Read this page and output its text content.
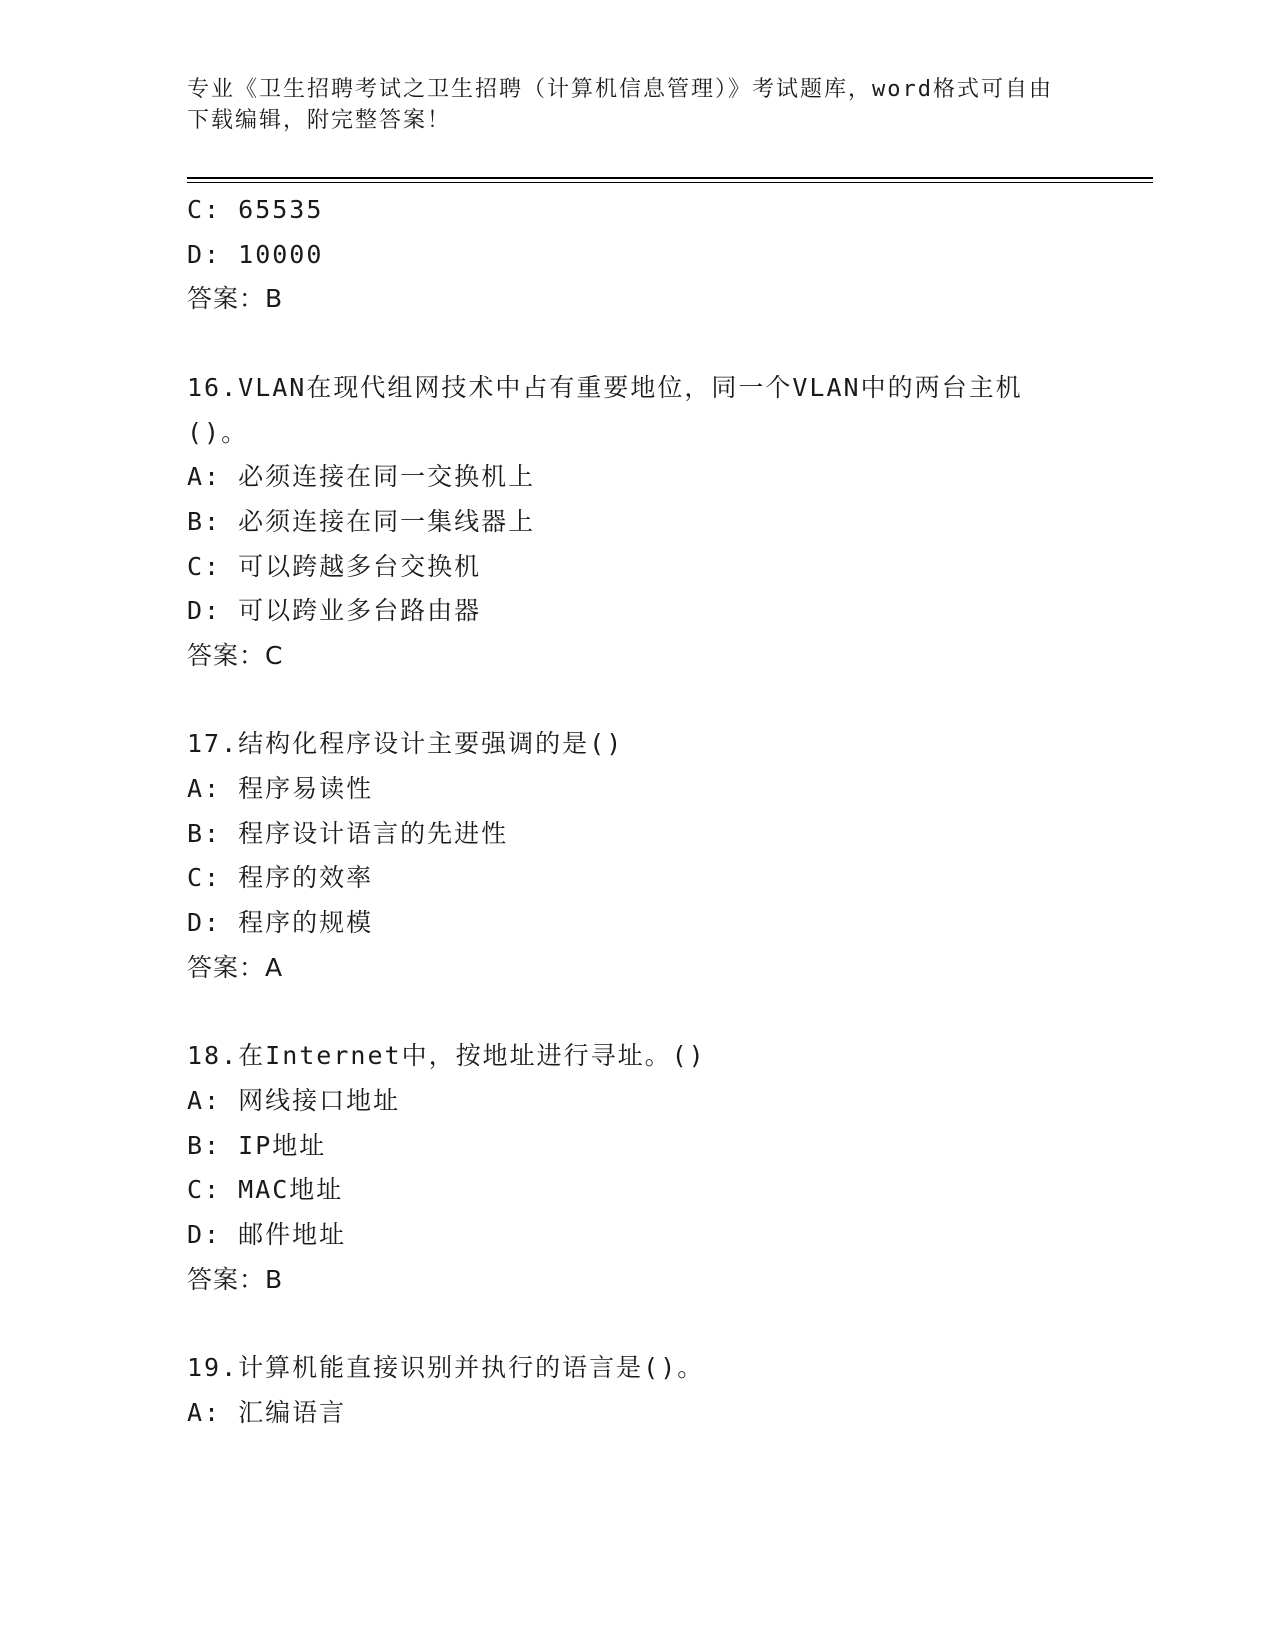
专业《卫生招聘考试之卫生招聘（计算机信息管理）》考试题库，word格式可自由下载编辑，附完整答案！
C: 65535
D: 10000
答案：B
16.VLAN在现代组网技术中占有重要地位，同一个VLAN中的两台主机
()。
A: 必须连接在同一交换机上
B: 必须连接在同一集线器上
C: 可以跨越多台交换机
D: 可以跨业多台路由器
答案：C
17.结构化程序设计主要强调的是()
A: 程序易读性
B: 程序设计语言的先进性
C: 程序的效率
D: 程序的规模
答案：A
18.在Internet中，按地址进行寻址。()
A: 网线接口地址
B: IP地址
C: MAC地址
D: 邮件地址
答案：B
19.计算机能直接识别并执行的语言是()。
A: 汇编语言
